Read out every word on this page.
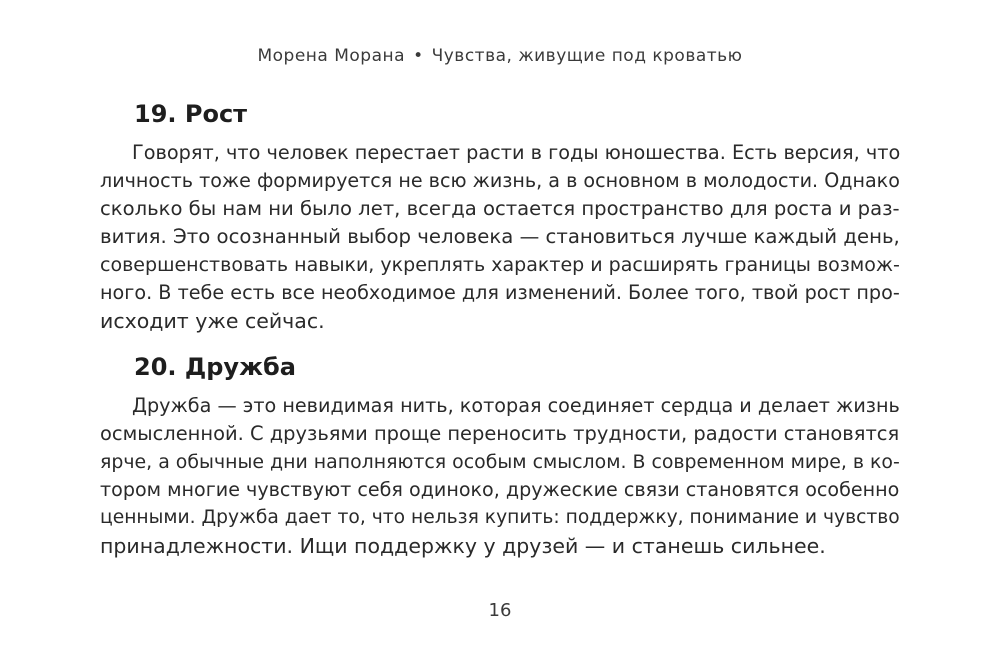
Морена Морана • Чувства, живущие под кроватью
19. Рост
Говорят, что человек перестает расти в годы юношества. Есть версия, что
личность тоже формируется не всю жизнь, а в основном в молодости. Однако
сколько бы нам ни было лет, всегда остается пространство для роста и раз-
вития. Это осознанный выбор человека — становиться лучше каждый день,
совершенствовать навыки, укреплять характер и расширять границы возмож-
ного. В тебе есть все необходимое для изменений. Более того, твой рост про-
исходит уже сейчас.
20. Дружба
Дружба — это невидимая нить, которая соединяет сердца и делает жизнь
осмысленной. С друзьями проще переносить трудности, радости становятся
ярче, а обычные дни наполняются особым смыслом. В современном мире, в ко-
тором многие чувствуют себя одиноко, дружеские связи становятся особенно
ценными. Дружба дает то, что нельзя купить: поддержку, понимание и чувство
принадлежности. Ищи поддержку у друзей — и станешь сильнее.
16
